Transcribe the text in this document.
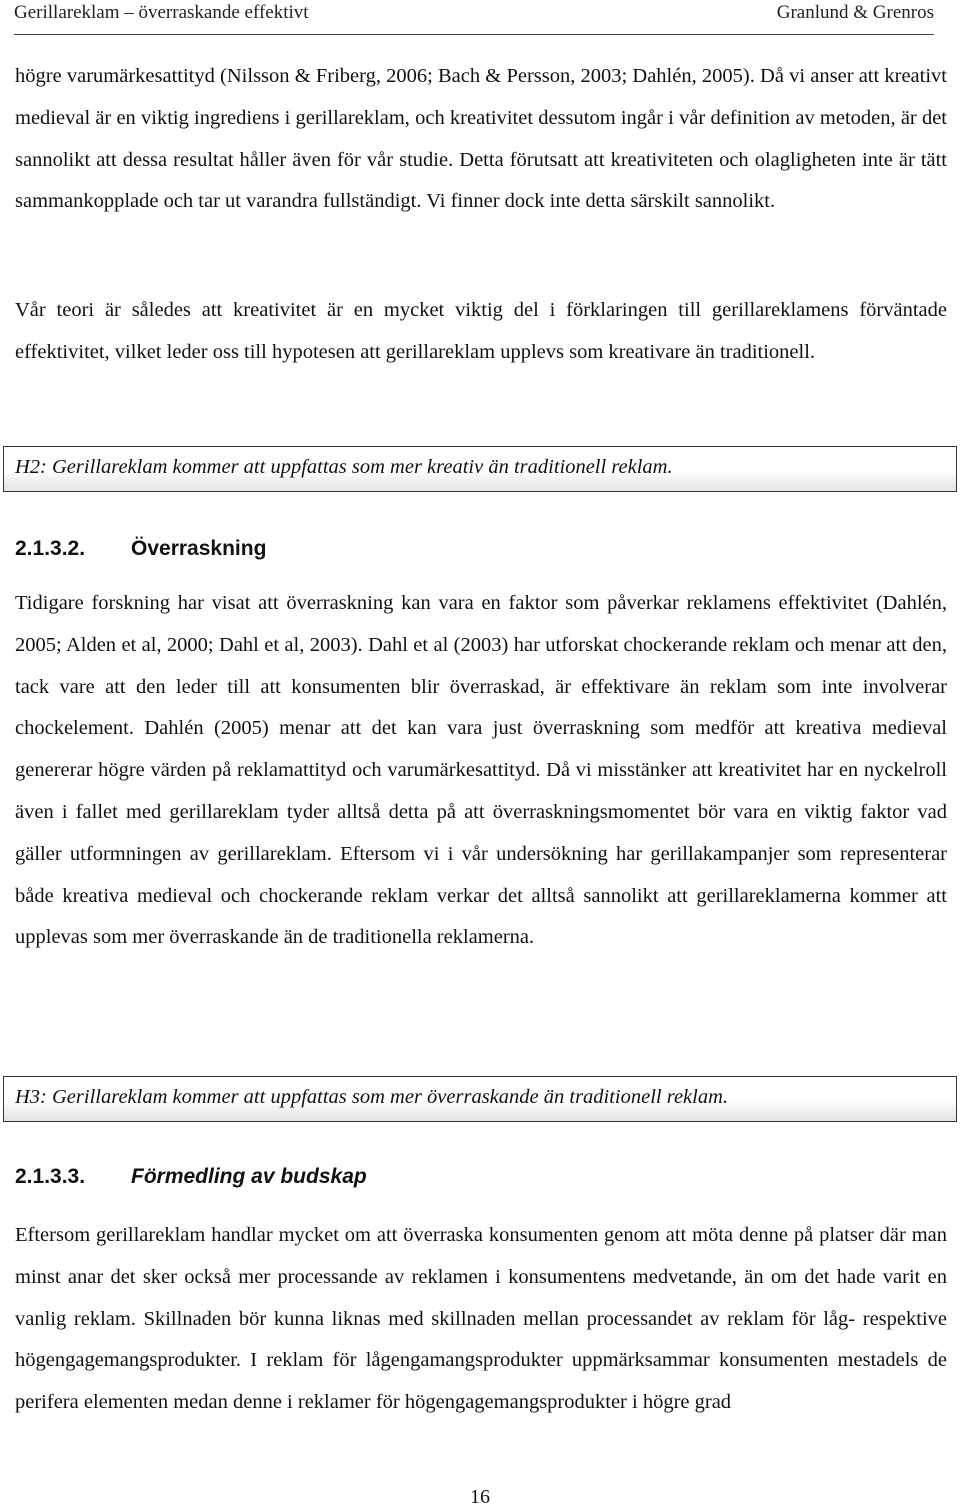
Gerillareklam – överraskande effektivt	Granlund & Grenros

högre varumärkesattityd (Nilsson & Friberg, 2006; Bach & Persson, 2003; Dahlén, 2005). Då vi anser att kreativt medieval är en viktig ingrediens i gerillareklam, och kreativitet dessutom ingår i vår definition av metoden, är det sannolikt att dessa resultat håller även för vår studie. Detta förutsatt att kreativiteten och olagligheten inte är tätt sammankopplade och tar ut varandra fullständigt. Vi finner dock inte detta särskilt sannolikt.

Vår teori är således att kreativitet är en mycket viktig del i förklaringen till gerillareklamens förväntade effektivitet, vilket leder oss till hypotesen att gerillareklam upplevs som kreativare än traditionell.

H2: Gerillareklam kommer att uppfattas som mer kreativ än traditionell reklam.
2.1.3.2. Överraskning

Tidigare forskning har visat att överraskning kan vara en faktor som påverkar reklamens effektivitet (Dahlén, 2005; Alden et al, 2000; Dahl et al, 2003). Dahl et al (2003) har utforskat chockerande reklam och menar att den, tack vare att den leder till att konsumenten blir överraskad, är effektivare än reklam som inte involverar chockelement. Dahlén (2005) menar att det kan vara just överraskning som medför att kreativa medieval genererar högre värden på reklamattityd och varumärkesattityd. Då vi misstänker att kreativitet har en nyckelroll även i fallet med gerillareklam tyder alltså detta på att överraskningsmomentet bör vara en viktig faktor vad gäller utformningen av gerillareklam. Eftersom vi i vår undersökning har gerillakampanjer som representerar både kreativa medieval och chockerande reklam verkar det alltså sannolikt att gerillareklamerna kommer att upplevas som mer överraskande än de traditionella reklamerna.

H3: Gerillareklam kommer att uppfattas som mer överraskande än traditionell reklam.
2.1.3.3. Förmedling av budskap

Eftersom gerillareklam handlar mycket om att överraska konsumenten genom att möta denne på platser där man minst anar det sker också mer processande av reklamen i konsumentens medvetande, än om det hade varit en vanlig reklam. Skillnaden bör kunna liknas med skillnaden mellan processandet av reklam för låg- respektive högengagemangsprodukter. I reklam för lågengamangsprodukter uppmärksammar konsumenten mestadels de perifera elementen medan denne i reklamer för högengagemangsprodukter i högre grad

16
